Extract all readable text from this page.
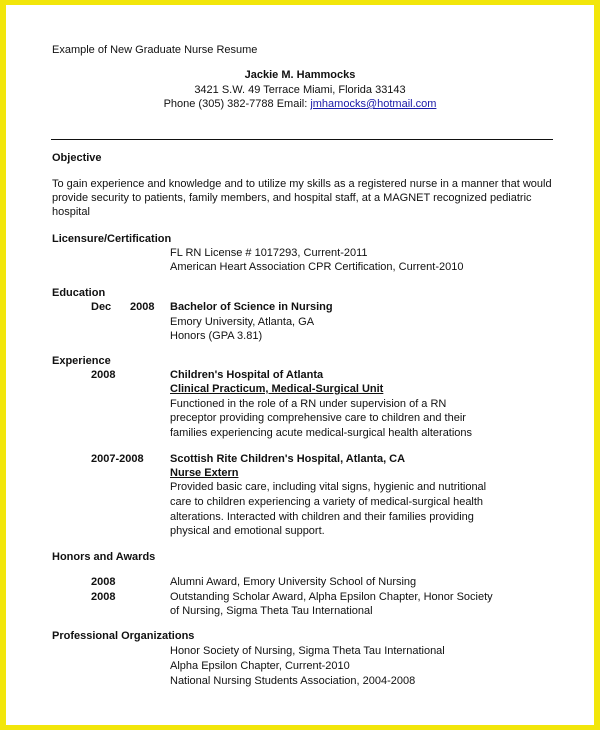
Example of New Graduate Nurse Resume
Jackie M. Hammocks
3421 S.W. 49 Terrace Miami, Florida 33143
Phone (305) 382-7788 Email: jmhamocks@hotmail.com
Objective
To gain experience and knowledge and to utilize my skills as a registered nurse in a manner that would
provide security to patients, family members, and hospital staff, at a MAGNET recognized pediatric
hospital
Licensure/Certification
FL RN License # 1017293, Current-2011
American Heart Association CPR Certification, Current-2010
Education
Dec 2008 Bachelor of Science in Nursing
Emory University, Atlanta, GA
Honors (GPA 3.81)
Experience
2008	Children's Hospital of Atlanta
Clinical Practicum, Medical-Surgical Unit
Functioned in the role of a RN under supervision of a RN
preceptor providing comprehensive care to children and their
families experiencing acute medical-surgical health alterations
2007-2008 Scottish Rite Children's Hospital, Atlanta, CA
Nurse Extern
Provided basic care, including vital signs, hygienic and nutritional
care to children experiencing a variety of medical-surgical health
alterations. Interacted with children and their families providing
physical and emotional support.
Honors and Awards
2008	Alumni Award, Emory University School of Nursing
2008	Outstanding Scholar Award, Alpha Epsilon Chapter, Honor Society
of Nursing, Sigma Theta Tau International
Professional Organizations
Honor Society of Nursing, Sigma Theta Tau International
Alpha Epsilon Chapter, Current-2010
National Nursing Students Association, 2004-2008
